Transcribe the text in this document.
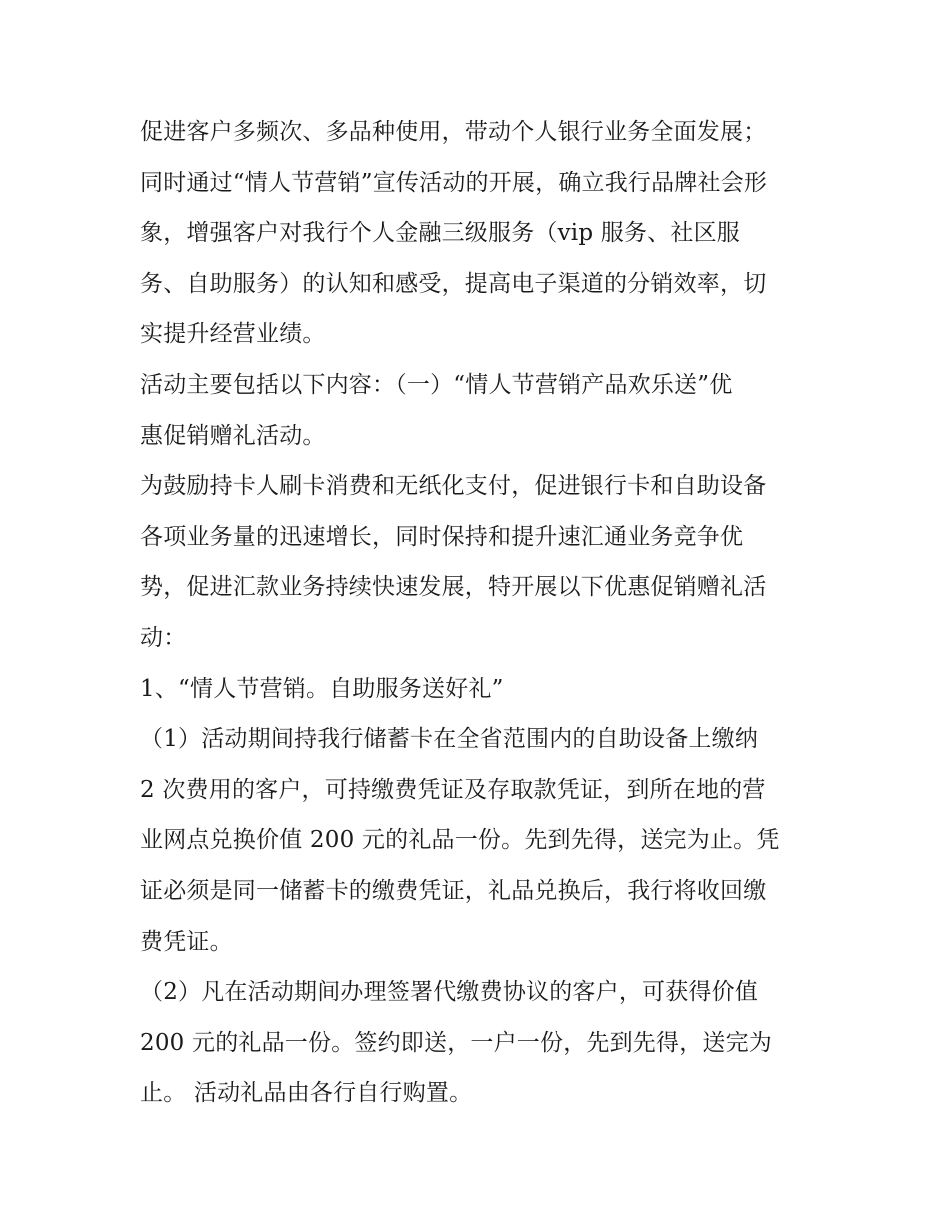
促进客户多频次、多品种使用，带动个人银行业务全面发展；
同时通过“情人节营销”宣传活动的开展，确立我行品牌社会形
象，增强客户对我行个人金融三级服务（vip 服务、社区服
务、自助服务）的认知和感受，提高电子渠道的分销效率，切
实提升经营业绩。
活动主要包括以下内容：（一）“情人节营销产品欢乐送”优
惠促销赠礼活动。
为鼓励持卡人刷卡消费和无纸化支付，促进银行卡和自助设备
各项业务量的迅速增长，同时保持和提升速汇通业务竞争优
势，促进汇款业务持续快速发展，特开展以下优惠促销赠礼活
动：
1、“情人节营销。自助服务送好礼”
（1）活动期间持我行储蓄卡在全省范围内的自助设备上缴纳
2 次费用的客户，可持缴费凭证及存取款凭证，到所在地的营
业网点兑换价值 200 元的礼品一份。先到先得，送完为止。凭
证必须是同一储蓄卡的缴费凭证，礼品兑换后，我行将收回缴
费凭证。
（2）凡在活动期间办理签署代缴费协议的客户，可获得价值
200 元的礼品一份。签约即送，一户一份，先到先得，送完为
止。 活动礼品由各行自行购置。
